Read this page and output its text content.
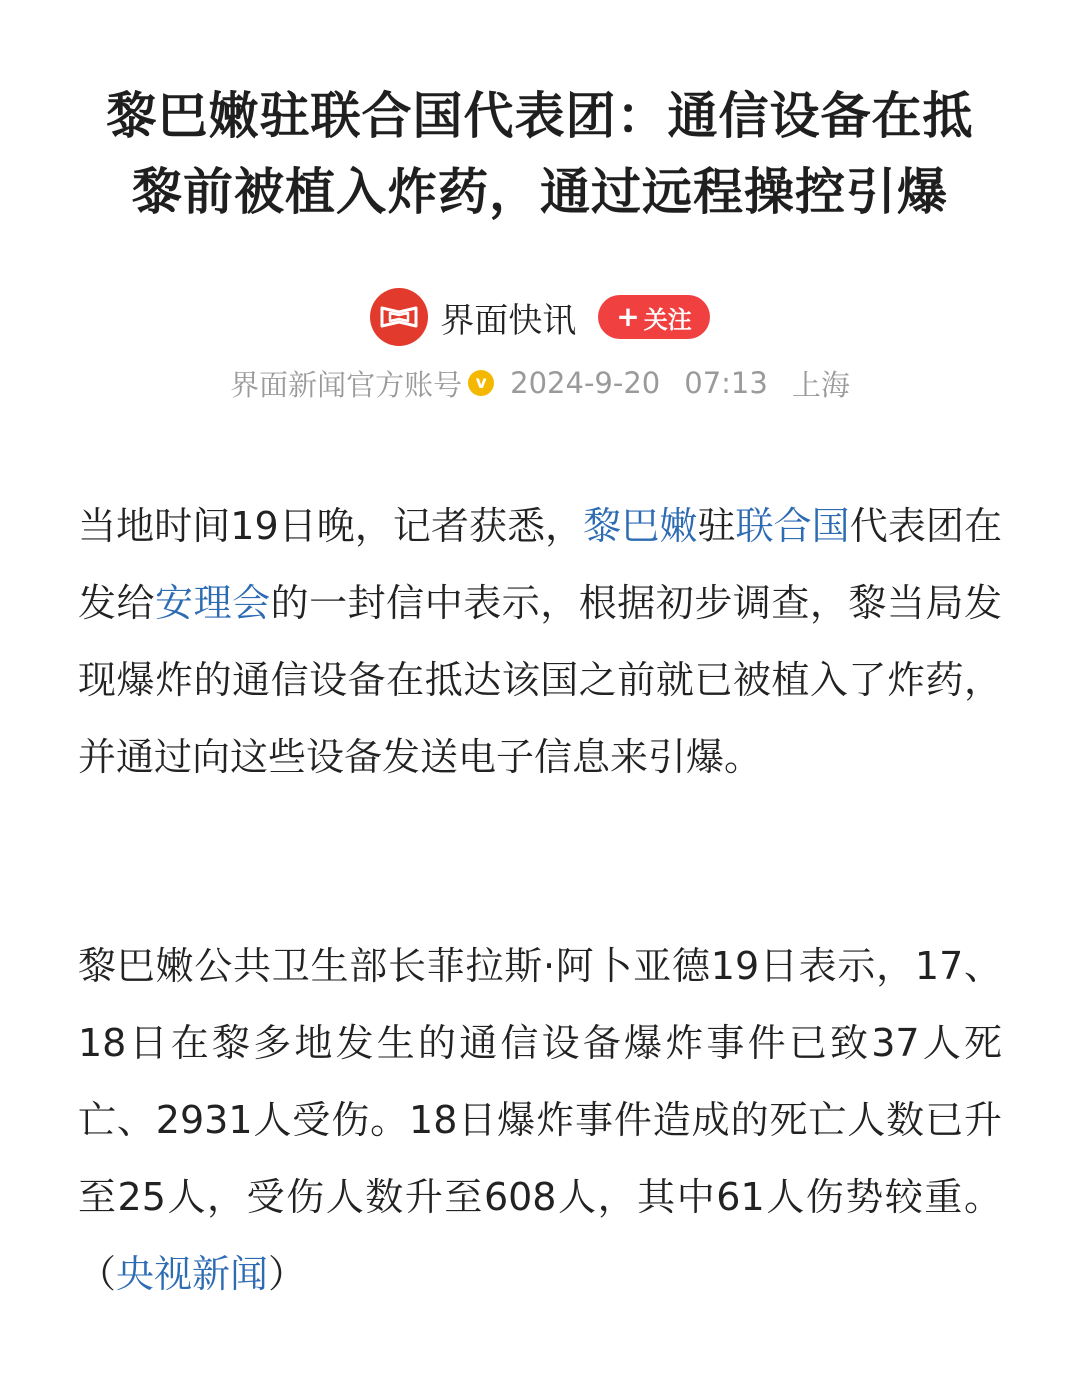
黎巴嫩驻联合国代表团：通信设备在抵
黎前被植入炸药，通过远程操控引爆
界面快讯 + 关注
界面新闻官方账号 v 2024-9-20 07:13 上海

当地时间19日晚，记者获悉，黎巴嫩驻联合国代表团在发给安理会的一封信中表示，根据初步调查，黎当局发现爆炸的通信设备在抵达该国之前就已被植入了炸药，并通过向这些设备发送电子信息来引爆。

黎巴嫩公共卫生部长菲拉斯·阿卜亚德19日表示，17、18日在黎多地发生的通信设备爆炸事件已致37人死亡、2931人受伤。18日爆炸事件造成的死亡人数已升至25人，受伤人数升至608人，其中61人伤势较重。（央视新闻）
